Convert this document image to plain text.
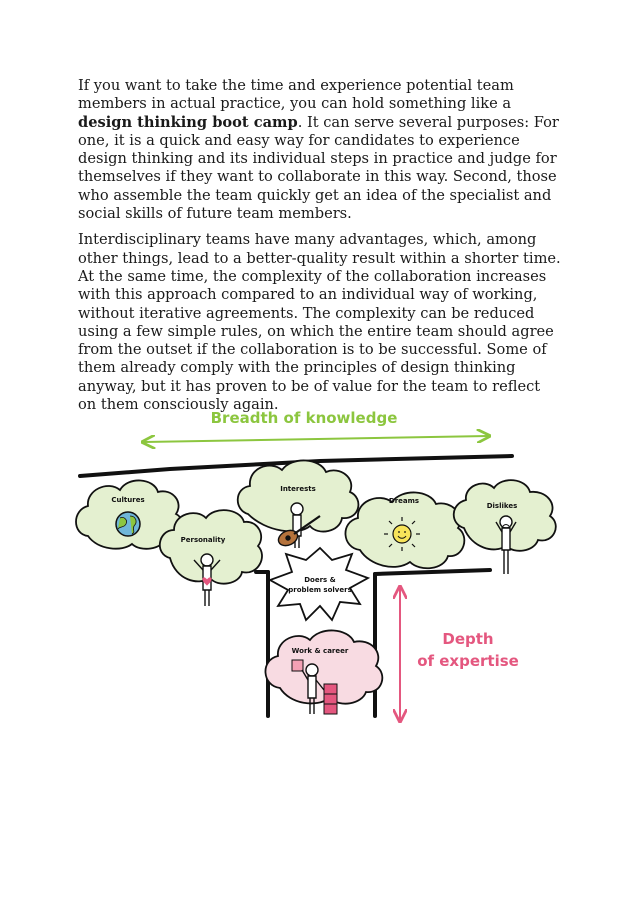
If you want to take the time and experience potential team members in actual practice, you can hold something like a design thinking boot camp. It can serve several purposes: For one, it is a quick and easy way for candidates to experience design thinking and its individual steps in practice and judge for themselves if they want to collaborate in this way. Second, those who assemble the team quickly get an idea of the specialist and social skills of future team members.

Interdisciplinary teams have many advantages, which, among other things, lead to a better-quality result within a shorter time. At the same time, the complexity of the collaboration increases with this approach compared to an individual way of working, without iterative agreements. The complexity can be reduced using a few simple rules, on which the entire team should agree from the outset if the collaboration is to be successful. Some of them already comply with the principles of design thinking anyway, but it has proven to be of value for the team to reflect on them consciously again.

Breadth of knowledge
Cultures
Personality
Interests
Dreams
Dislikes
Doers &
problem solvers
Work & career
Depth
of expertise
